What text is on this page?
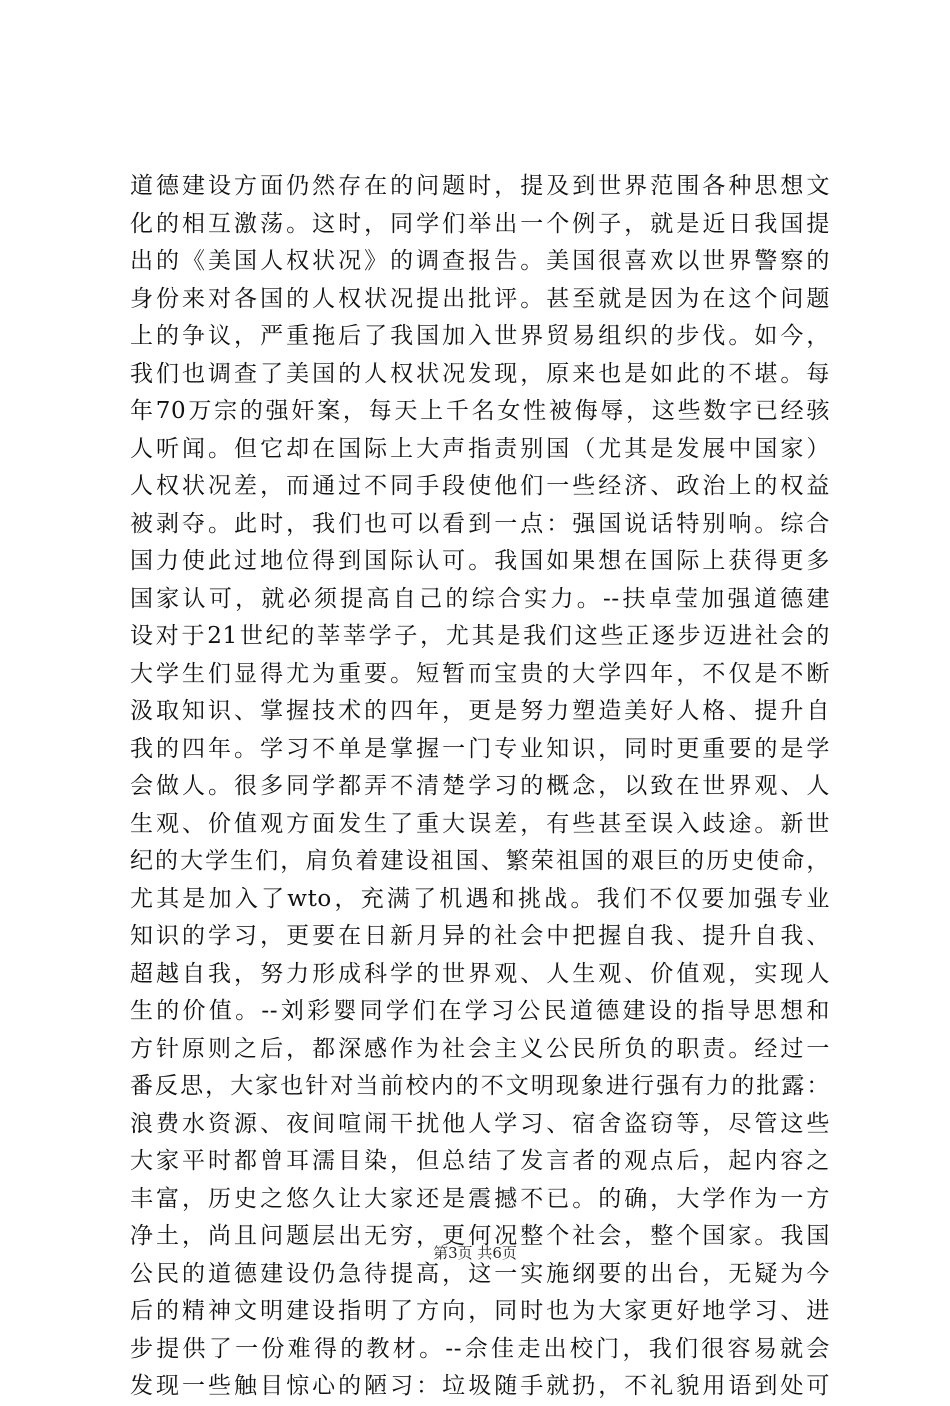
道德建设方面仍然存在的问题时，提及到世界范围各种思想文
化的相互激荡。这时，同学们举出一个例子，就是近日我国提
出的《美国人权状况》的调查报告。美国很喜欢以世界警察的
身份来对各国的人权状况提出批评。甚至就是因为在这个问题
上的争议，严重拖后了我国加入世界贸易组织的步伐。如今，
我们也调查了美国的人权状况发现，原来也是如此的不堪。每
年70万宗的强奸案，每天上千名女性被侮辱，这些数字已经骇
人听闻。但它却在国际上大声指责别国（尤其是发展中国家）
人权状况差，而通过不同手段使他们一些经济、政治上的权益
被剥夺。此时，我们也可以看到一点：强国说话特别响。综合
国力使此过地位得到国际认可。我国如果想在国际上获得更多
国家认可，就必须提高自己的综合实力。--扶卓莹加强道德建
设对于21世纪的莘莘学子，尤其是我们这些正逐步迈进社会的
大学生们显得尤为重要。短暂而宝贵的大学四年，不仅是不断
汲取知识、掌握技术的四年，更是努力塑造美好人格、提升自
我的四年。学习不单是掌握一门专业知识，同时更重要的是学
会做人。很多同学都弄不清楚学习的概念，以致在世界观、人
生观、价值观方面发生了重大误差，有些甚至误入歧途。新世
纪的大学生们，肩负着建设祖国、繁荣祖国的艰巨的历史使命，
尤其是加入了wto，充满了机遇和挑战。我们不仅要加强专业
知识的学习，更要在日新月异的社会中把握自我、提升自我、
超越自我，努力形成科学的世界观、人生观、价值观，实现人
生的价值。--刘彩婴同学们在学习公民道德建设的指导思想和
方针原则之后，都深感作为社会主义公民所负的职责。经过一
番反思，大家也针对当前校内的不文明现象进行强有力的批露：
浪费水资源、夜间喧闹干扰他人学习、宿舍盗窃等，尽管这些
大家平时都曾耳濡目染，但总结了发言者的观点后，起内容之
丰富，历史之悠久让大家还是震撼不已。的确，大学作为一方
净土，尚且问题层出无穷，更何况整个社会，整个国家。我国
公民的道德建设仍急待提高，这一实施纲要的出台，无疑为今
后的精神文明建设指明了方向，同时也为大家更好地学习、进
步提供了一份难得的教材。--佘佳走出校门，我们很容易就会
发现一些触目惊心的陋习：垃圾随手就扔，不礼貌用语到处可
第3页 共6页
